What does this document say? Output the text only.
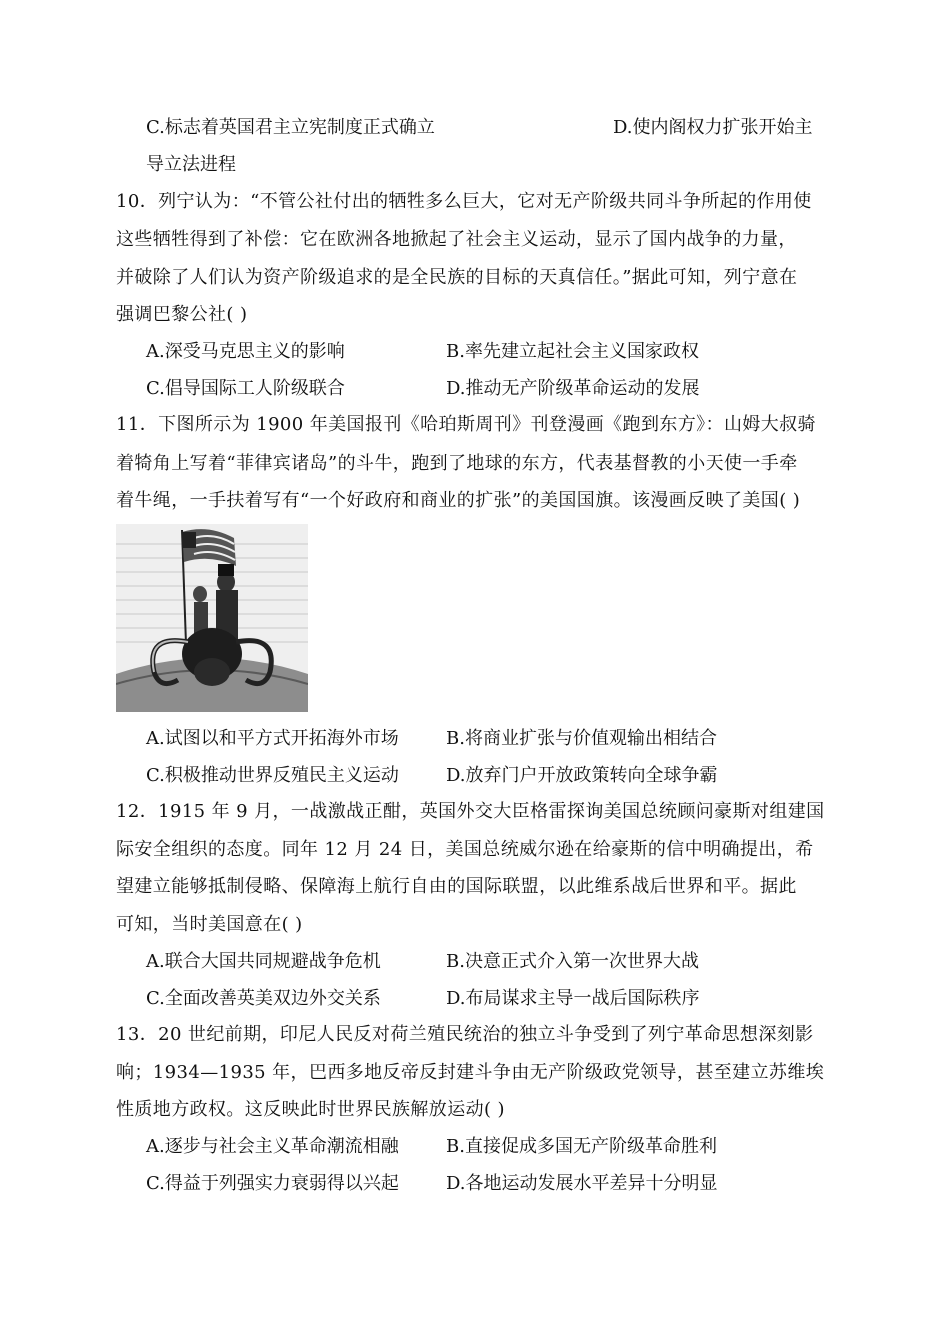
C.标志着英国君主立宪制度正式确立	D.使内阁权力扩张开始主
导立法进程
10．列宁认为：“不管公社付出的牺牲多么巨大，它对无产阶级共同斗争所起的作用使
这些牺牲得到了补偿：它在欧洲各地掀起了社会主义运动，显示了国内战争的力量，
并破除了人们认为资产阶级追求的是全民族的目标的天真信任。”据此可知，列宁意在
强调巴黎公社( )
A.深受马克思主义的影响	B.率先建立起社会主义国家政权
C.倡导国际工人阶级联合	D.推动无产阶级革命运动的发展
11．下图所示为 1900 年美国报刊《哈珀斯周刊》刊登漫画《跑到东方》：山姆大叔骑
着犄角上写着“菲律宾诸岛”的斗牛，跑到了地球的东方，代表基督教的小天使一手牵
着牛绳，一手扶着写有“一个好政府和商业的扩张”的美国国旗。该漫画反映了美国( )
A.试图以和平方式开拓海外市场	B.将商业扩张与价值观输出相结合
C.积极推动世界反殖民主义运动	D.放弃门户开放政策转向全球争霸
12．1915 年 9 月，一战激战正酣，英国外交大臣格雷探询美国总统顾问豪斯对组建国
际安全组织的态度。同年 12 月 24 日，美国总统威尔逊在给豪斯的信中明确提出，希
望建立能够抵制侵略、保障海上航行自由的国际联盟，以此维系战后世界和平。据此
可知，当时美国意在( )
A.联合大国共同规避战争危机	B.决意正式介入第一次世界大战
C.全面改善英美双边外交关系	D.布局谋求主导一战后国际秩序
13．20 世纪前期，印尼人民反对荷兰殖民统治的独立斗争受到了列宁革命思想深刻影
响；1934—1935 年，巴西多地反帝反封建斗争由无产阶级政党领导，甚至建立苏维埃
性质地方政权。这反映此时世界民族解放运动( )
A.逐步与社会主义革命潮流相融	B.直接促成多国无产阶级革命胜利
C.得益于列强实力衰弱得以兴起	D.各地运动发展水平差异十分明显
